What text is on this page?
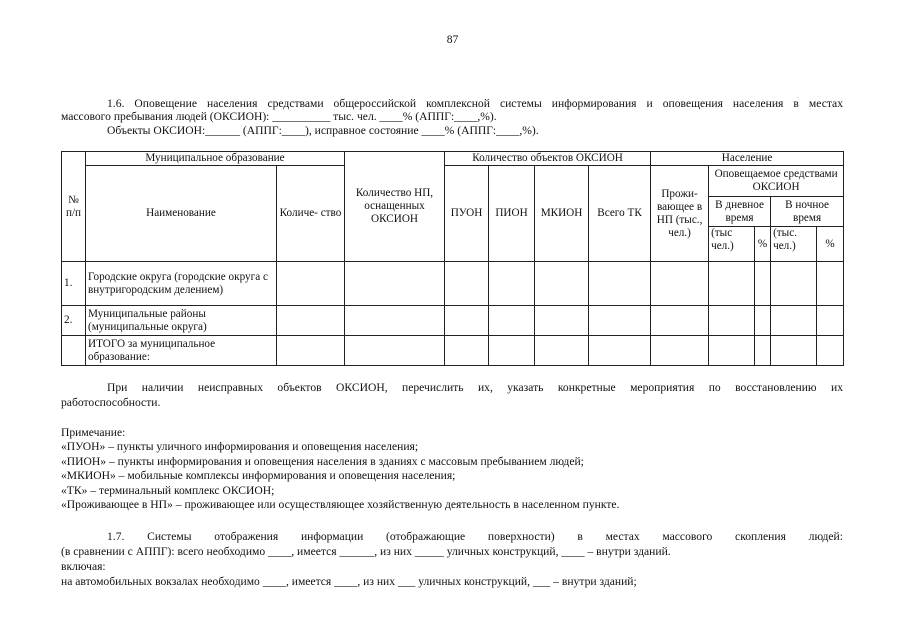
87
1.6. Оповещение населения средствами общероссийской комплексной системы информирования и оповещения населения в местах
массового пребывания людей (ОКСИОН): __________ тыс. чел. ____% (АППГ:____,%).
Объекты ОКСИОН:______ (АППГ:____), исправное состояние ____% (АППГ:____,%).
№ п/п	Муниципальное образование		Количество НП, оснащенных ОКСИОН	Количество объектов ОКСИОН				Население				
	Наименование	Количе- ство		ПУОН	ПИОН	МКИОН	Всего ТК	Прожи- вающее в НП (тыс., чел.)	Оповещаемое средствами ОКСИОН			
									В дневное время		В ночное время	
									(тыс чел.)	%	(тыс. чел.)	%
1.	Городские округа (городские округа с внутригородским делением)											
2.	Муниципальные районы (муниципальные округа)											
	ИТОГО за муниципальное образование:											
При наличии неисправных объектов ОКСИОН, перечислить их, указать конкретные мероприятия по восстановлению их
работоспособности.
Примечание:
«ПУОН» – пункты уличного информирования и оповещения населения;
«ПИОН» – пункты информирования и оповещения населения в зданиях с массовым пребыванием людей;
«МКИОН» – мобильные комплексы информирования и оповещения населения;
«ТК» – терминальный комплекс ОКСИОН;
«Проживающее в НП» – проживающее или осуществляющее хозяйственную деятельность в населенном пункте.
1.7. Системы отображения информации (отображающие поверхности) в местах массового скопления людей:
(в сравнении с АППГ): всего необходимо ____, имеется ______, из них _____ уличных конструкций, ____ – внутри зданий.
включая:
на автомобильных вокзалах необходимо ____, имеется ____, из них ___ уличных конструкций, ___ – внутри зданий;
